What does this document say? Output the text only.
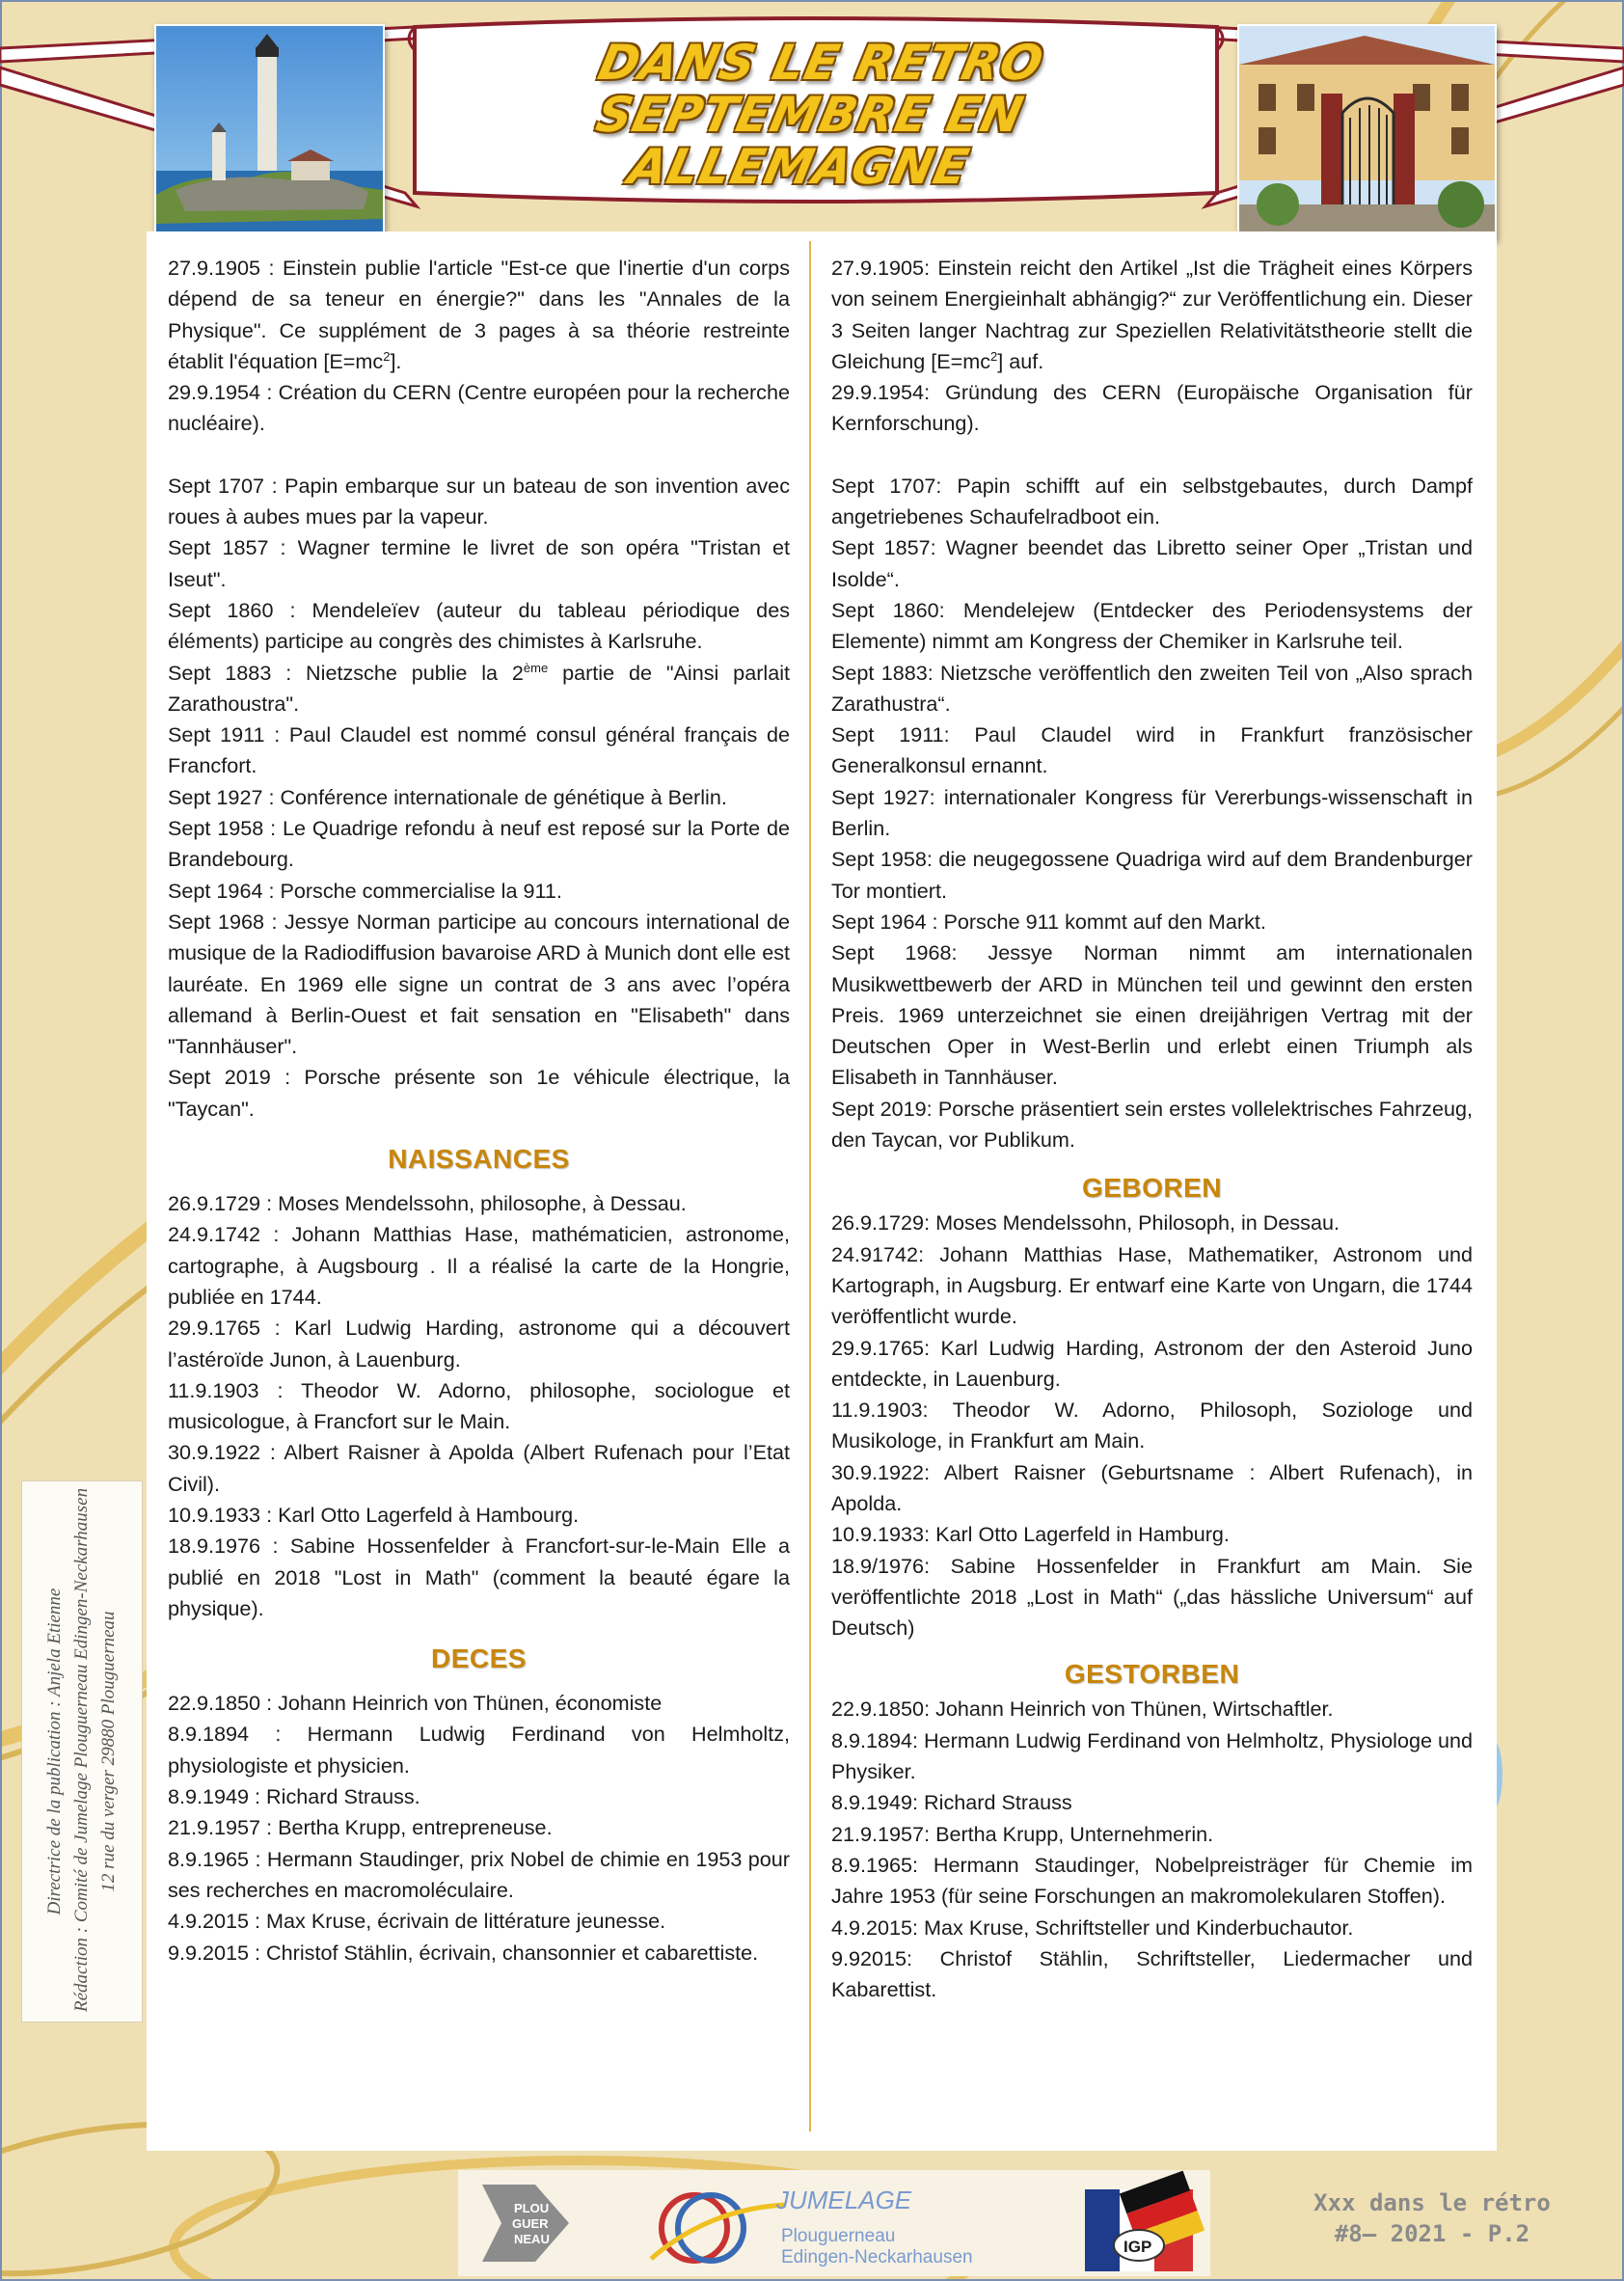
DANS LE RETRO
SEPTEMBRE EN
ALLEMAGNE

27.9.1905 : Einstein publie l'article "Est-ce que l'inertie d'un corps dépend de sa teneur en énergie?" dans les "Annales de la Physique". Ce supplément de 3 pages à sa théorie restreinte établit l'équation $[E=mc^2]$.

29.9.1954 : Création du CERN (Centre européen pour la recherche nucléaire).

Sept 1707 : Papin embarque sur un bateau de son invention avec roues à aubes mues par la vapeur.

Sept 1857 : Wagner termine le livret de son opéra "Tristan et Iseut".

Sept 1860 : Mendeleïev (auteur du tableau périodique des éléments) participe au congrès des chimistes à Karlsruhe.

Sept 1883 : Nietzsche publie la 2ème partie de "Ainsi parlait Zarathoustra".

Sept 1911 : Paul Claudel est nommé consul général français de Francfort.

Sept 1927 : Conférence internationale de génétique à Berlin.

Sept 1958 : Le Quadrige refondu à neuf est reposé sur la Porte de Brandebourg.

Sept 1964 : Porsche commercialise la 911.

Sept 1968 : Jessye Norman participe au concours international de musique de la Radiodiffusion bavaroise ARD à Munich dont elle est lauréate. En 1969 elle signe un contrat de 3 ans avec l’opéra allemand à Berlin-Ouest et fait sensation en "Elisabeth" dans "Tannhäuser".

Sept 2019 : Porsche présente son 1e véhicule électrique, la "Taycan".

NAISSANCES

26.9.1729 : Moses Mendelssohn, philosophe, à Dessau.

24.9.1742 : Johann Matthias Hase, mathématicien, astronome, cartographe, à Augsbourg . Il a réalisé la carte de la Hongrie, publiée en 1744.

29.9.1765 : Karl Ludwig Harding, astronome qui a découvert l’astéroïde Junon, à Lauenburg.

11.9.1903 : Theodor W. Adorno, philosophe, sociologue et musicologue, à Francfort sur le Main.

30.9.1922 : Albert Raisner à Apolda (Albert Rufenach pour l’Etat Civil).

10.9.1933 : Karl Otto Lagerfeld à Hambourg.

18.9.1976 : Sabine Hossenfelder à Francfort-sur-le-Main Elle a publié en 2018 "Lost in Math" (comment la beauté égare la physique).

DECES

22.9.1850 : Johann Heinrich von Thünen, économiste

8.9.1894 : Hermann Ludwig Ferdinand von Helmholtz, physiologiste et physicien.

8.9.1949 : Richard Strauss.

21.9.1957 : Bertha Krupp, entrepreneuse.

8.9.1965 : Hermann Staudinger, prix Nobel de chimie en 1953 pour ses recherches en macromoléculaire.

4.9.2015 : Max Kruse, écrivain de littérature jeunesse.

9.9.2015 : Christof Stählin, écrivain, chansonnier et cabarettiste.

27.9.1905: Einstein reicht den Artikel „Ist die Trägheit eines Körpers von seinem Energieinhalt abhängig?“ zur Veröffentlichung ein. Dieser 3 Seiten langer Nachtrag zur Speziellen Relativitätstheorie stellt die Gleichung $[E=mc^2]$ auf.

29.9.1954: Gründung des CERN (Europäische Organisation für Kernforschung).

Sept 1707: Papin schifft auf ein selbstgebautes, durch Dampf angetriebenes Schaufelradboot ein.

Sept 1857: Wagner beendet das Libretto seiner Oper „Tristan und Isolde“.

Sept 1860: Mendelejew (Entdecker des Periodensystems der Elemente) nimmt am Kongress der Chemiker in Karlsruhe teil.

Sept 1883: Nietzsche veröffentlich den zweiten Teil von „Also sprach Zarathustra“.

Sept 1911: Paul Claudel wird in Frankfurt französischer Generalkonsul ernannt.

Sept 1927: internationaler Kongress für Vererbungs-wissenschaft in Berlin.

Sept 1958: die neugegossene Quadriga wird auf dem Brandenburger Tor montiert.

Sept 1964 : Porsche 911 kommt auf den Markt.

Sept 1968: Jessye Norman nimmt am internationalen Musikwettbewerb der ARD in München teil und gewinnt den ersten Preis. 1969 unterzeichnet sie einen dreijährigen Vertrag mit der Deutschen Oper in West-Berlin und erlebt einen Triumph als Elisabeth in Tannhäuser.

Sept 2019: Porsche präsentiert sein erstes vollelektrisches Fahrzeug, den Taycan, vor Publikum.

GEBOREN

26.9.1729: Moses Mendelssohn, Philosoph, in Dessau.

24.91742: Johann Matthias Hase, Mathematiker, Astronom und Kartograph, in Augsburg. Er entwarf eine Karte von Ungarn, die 1744 veröffentlicht wurde.

29.9.1765: Karl Ludwig Harding, Astronom der den Asteroid Juno entdeckte, in Lauenburg.

11.9.1903: Theodor W. Adorno, Philosoph, Soziologe und Musikologe, in Frankfurt am Main.

30.9.1922: Albert Raisner (Geburtsname : Albert Rufenach), in Apolda.

10.9.1933: Karl Otto Lagerfeld in Hamburg.

18.9/1976: Sabine Hossenfelder in Frankfurt am Main. Sie veröffentlichte 2018 „Lost in Math“ („das hässliche Universum“ auf Deutsch)

GESTORBEN

22.9.1850: Johann Heinrich von Thünen, Wirtschaftler.

8.9.1894: Hermann Ludwig Ferdinand von Helmholtz, Physiologe und Physiker.

8.9.1949: Richard Strauss

21.9.1957: Bertha Krupp, Unternehmerin.

8.9.1965: Hermann Staudinger, Nobelpreisträger für Chemie im Jahre 1953 (für seine Forschungen an makromolekularen Stoffen).

4.9.2015: Max Kruse, Schriftsteller und Kinderbuchautor.

9.92015: Christof Stählin, Schriftsteller, Liedermacher und Kabarettist.

Directrice de la publication : Anjela Etienne Rédaction : Comité de Jumelage Plouguerneau Edingen-Neckarhausen 12 rue du verger 29880 Plouguerneau
PLOU
GUER
NEAU
JUMELAGE
Plouguerneau
Edingen-Neckarhausen
IGP
Xxx dans le rétro
#8– 2021 - P.2
